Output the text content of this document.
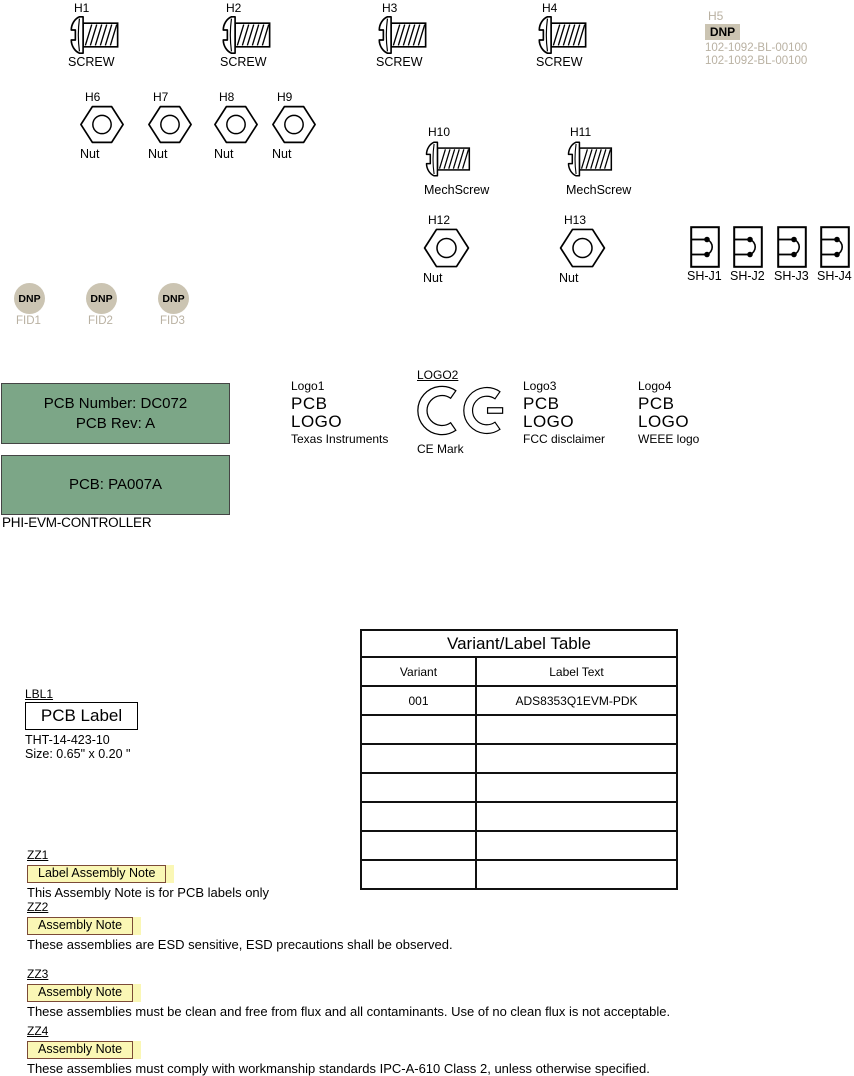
H1
SCREW
H2
SCREW
H3
SCREW
H4
SCREW
H5
DNP
102-1092-BL-00100
102-1092-BL-00100
H6
Nut
H7
Nut
H8
Nut
H9
Nut
H10
MechScrew
H11
MechScrew
H12
Nut
H13
Nut	SH-J1 SH-J2 SH-J3 SH-J4
DNP
FID1
DNP
FID2
DNP
FID3
PCB Number: DC072
PCB Rev: A
PCB: PA007A
PHI-EVM-CONTROLLER
Logo1
PCB
LOGO
Texas Instruments
LOGO2
CE Mark
Logo3
PCB
LOGO
FCC disclaimer
Logo4
PCB
LOGO
WEEE logo
Variant/Label Table
Variant	Label Text
001	ADS8353Q1EVM-PDK
LBL1
PCB Label
THT-14-423-10
Size: 0.65" x 0.20 "
ZZ1
Label Assembly Note
This Assembly Note is for PCB labels only
ZZ2
Assembly Note
These assemblies are ESD sensitive, ESD precautions shall be observed.
ZZ3
Assembly Note
These assemblies must be clean and free from flux and all contaminants. Use of no clean flux is not acceptable.
ZZ4
Assembly Note
These assemblies must comply with workmanship standards IPC-A-610 Class 2, unless otherwise specified.
